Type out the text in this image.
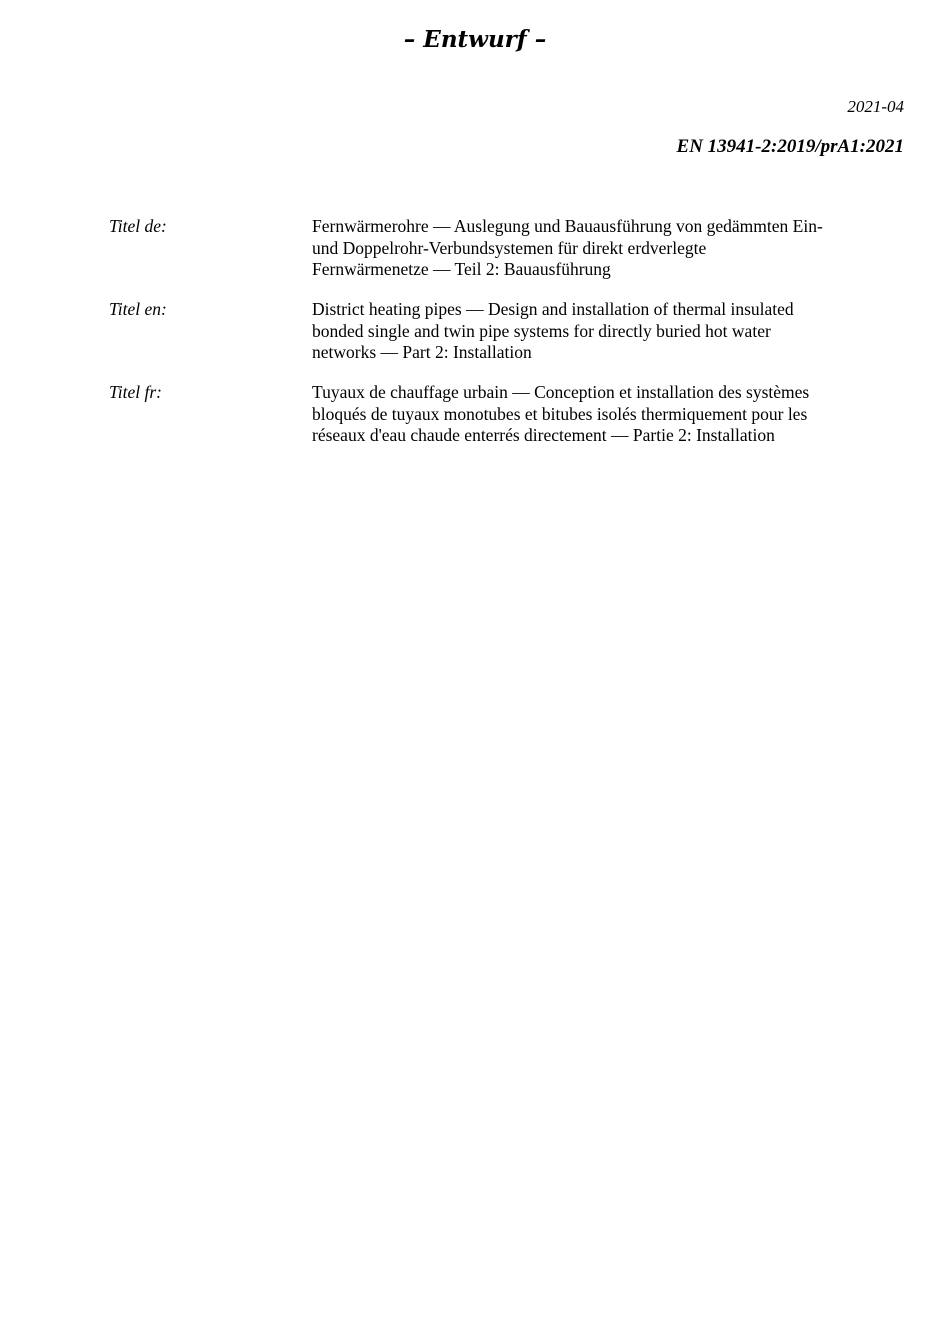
– Entwurf –
2021-04
EN 13941-2:2019/prA1:2021
Titel de:	Fernwärmerohre — Auslegung und Bauausführung von gedämmten Ein-
und Doppelrohr-Verbundsystemen für direkt erdverlegte
Fernwärmenetze — Teil 2: Bauausführung
Titel en:	District heating pipes — Design and installation of thermal insulated
bonded single and twin pipe systems for directly buried hot water
networks — Part 2: Installation
Titel fr:	Tuyaux de chauffage urbain — Conception et installation des systèmes
bloqués de tuyaux monotubes et bitubes isolés thermiquement pour les
réseaux d'eau chaude enterrés directement — Partie 2: Installation
